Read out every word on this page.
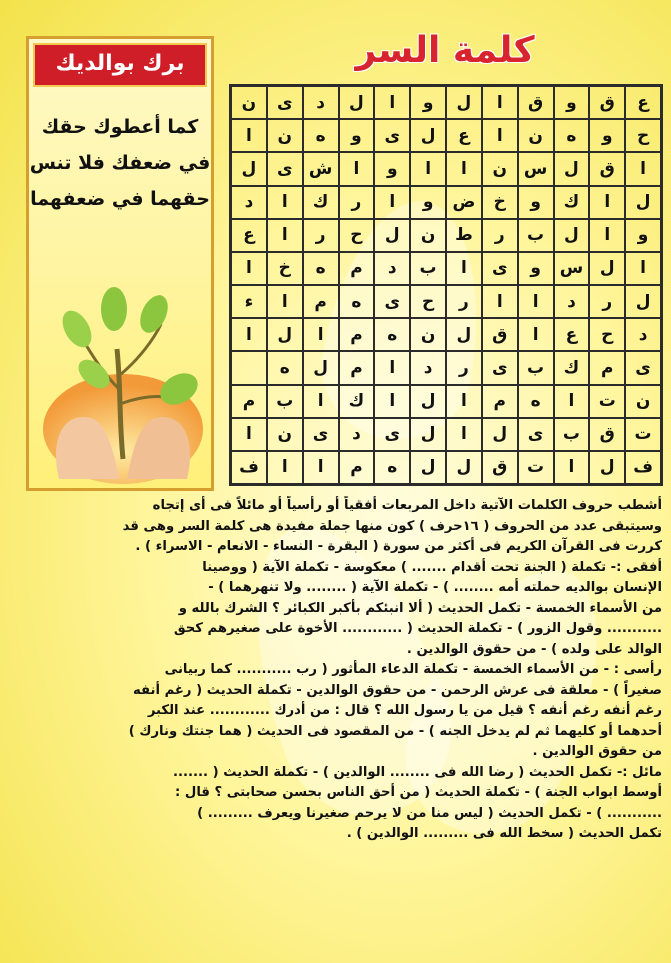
كلمة السر
برك بوالديك
كما أعطوك حقك
في ضعفك فلا تنس
حقهما في ضعفهما
ع
ق
و
ق
ا
ل
و
ا
ل
د
ى
ن
ح
و
ه
ن
ا
ع
ل
ى
و
ه
ن
ا
ا
ق
ل
س
ن
ا
ا
و
ا
ش
ى
ل
ل
ا
ك
و
خ
ض
و
ا
ر
ك
ا
د
و
ا
ل
ب
ر
ط
ن
ل
ح
ر
ا
ع
ا
ل
س
و
ى
ا
ب
د
م
ه
خ
ا
ل
ر
د
ا
ا
ر
ح
ى
ه
م
ا
ء
د
ح
ع
ا
ق
ل
ن
ه
م
ا
ل
ا
ى
م
ك
ب
ى
ر
د
ا
م
ل
ه
ن
ت
ا
ه
م
ا
ل
ا
ك
ا
ب
م
ت
ق
ب
ى
ل
ا
ل
ى
د
ى
ن
ا
ف
ل
ا
ت
ق
ل
ل
ه
م
ا
ا
ف

أشطب حروف الكلمات الآتية داخل المربعات أفقياً أو رأسياً أو مائلاً فى أى إتجاه

وسيتبقى عدد من الحروف ( ١٦حرف ) كون منها جملة مفيدة هى كلمة السر وهى قد

كررت فى القرآن الكريم فى أكثر من سورة ( البقرة - النساء - الانعام - الاسراء ) .

أفقى :- تكملة ( الجنة تحت أقدام ....... ) معكوسة - تكملة الآية ( ووصينا

الإنسان بوالديه حملته أمه ........ ) - تكملة الآية ( ........ ولا تنهرهما ) -

من الأسماء الخمسة - تكمل الحديث ( ألا انبئكم بأكبر الكبائر ؟ الشرك بالله و

........... وقول الزور ) - تكملة الحديث ( ............ الأخوة على صغيرهم كحق

الوالد على ولده ) - من حقوق الوالدين .

رأسى : - من الأسماء الخمسة - تكملة الدعاء المأثور ( رب ........... كما ربيانى

صغيراً ) - معلقة فى عرش الرحمن - من حقوق الوالدين - تكملة الحديث ( رغم أنفه

رغم أنفه رغم أنفه ؟ قيل من يا رسول الله ؟ قال : من أدرك ............ عند الكبر

أحدهما أو كليهما ثم لم يدخل الجنه ) - من المقصود فى الحديث ( هما جنتك ونارك )

من حقوق الوالدين .

مائل :- تكمل الحديث ( رضا الله فى ........ الوالدين ) - تكملة الحديث ( .......

أوسط ابواب الجنة ) - تكملة الحديث ( من أحق الناس بحسن صحابتى ؟ قال :

........... ) - تكمل الحديث ( ليس منا من لا يرحم صغيرنا ويعرف ......... )

تكمل الحديث ( سخط الله فى ......... الوالدين ) .
